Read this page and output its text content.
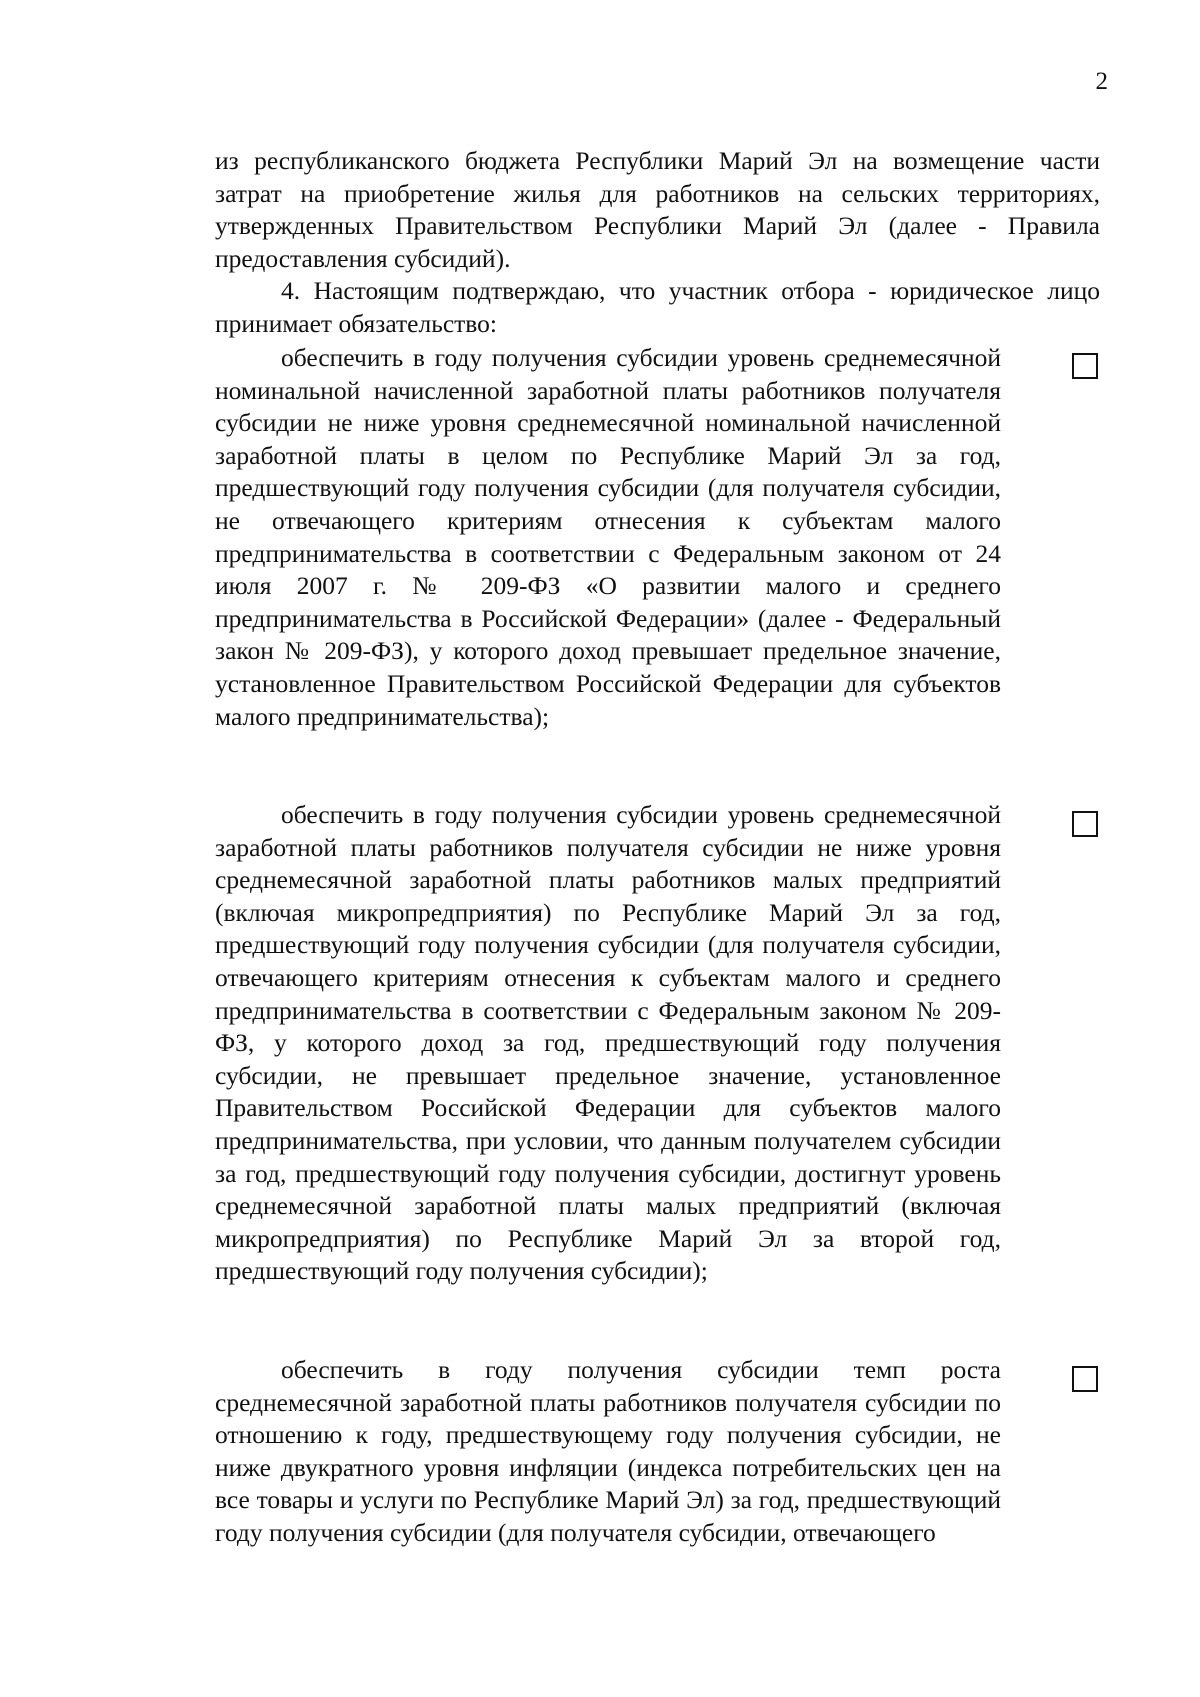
2

из республиканского бюджета Республики Марий Эл на возмещение части затрат на приобретение жилья для работников на сельских территориях, утвержденных Правительством Республики Марий Эл (далее - Правила предоставления субсидий).

4. Настоящим подтверждаю, что участник отбора - юридическое лицо принимает обязательство:

обеспечить в году получения субсидии уровень среднемесячной номинальной начисленной заработной платы работников получателя субсидии не ниже уровня среднемесячной номинальной начисленной заработной платы в целом по Республике Марий Эл за год, предшествующий году получения субсидии (для получателя субсидии, не отвечающего критериям отнесения к субъектам малого предпринимательства в соответствии с Федеральным законом от 24 июля 2007 г. № 209-ФЗ «О развитии малого и среднего предпринимательства в Российской Федерации» (далее - Федеральный закон № 209-ФЗ), у которого доход превышает предельное значение, установленное Правительством Российской Федерации для субъектов малого предпринимательства);

обеспечить в году получения субсидии уровень среднемесячной заработной платы работников получателя субсидии не ниже уровня среднемесячной заработной платы работников малых предприятий (включая микропредприятия) по Республике Марий Эл за год, предшествующий году получения субсидии (для получателя субсидии, отвечающего критериям отнесения к субъектам малого и среднего предпринимательства в соответствии с Федеральным законом № 209-ФЗ, у которого доход за год, предшествующий году получения субсидии, не превышает предельное значение, установленное Правительством Российской Федерации для субъектов малого предпринимательства, при условии, что данным получателем субсидии за год, предшествующий году получения субсидии, достигнут уровень среднемесячной заработной платы малых предприятий (включая микропредприятия) по Республике Марий Эл за второй год, предшествующий году получения субсидии);

обеспечить в году получения субсидии темп роста среднемесячной заработной платы работников получателя субсидии по отношению к году, предшествующему году получения субсидии, не ниже двукратного уровня инфляции (индекса потребительских цен на все товары и услуги по Республике Марий Эл) за год, предшествующий году получения субсидии (для получателя субсидии, отвечающего
